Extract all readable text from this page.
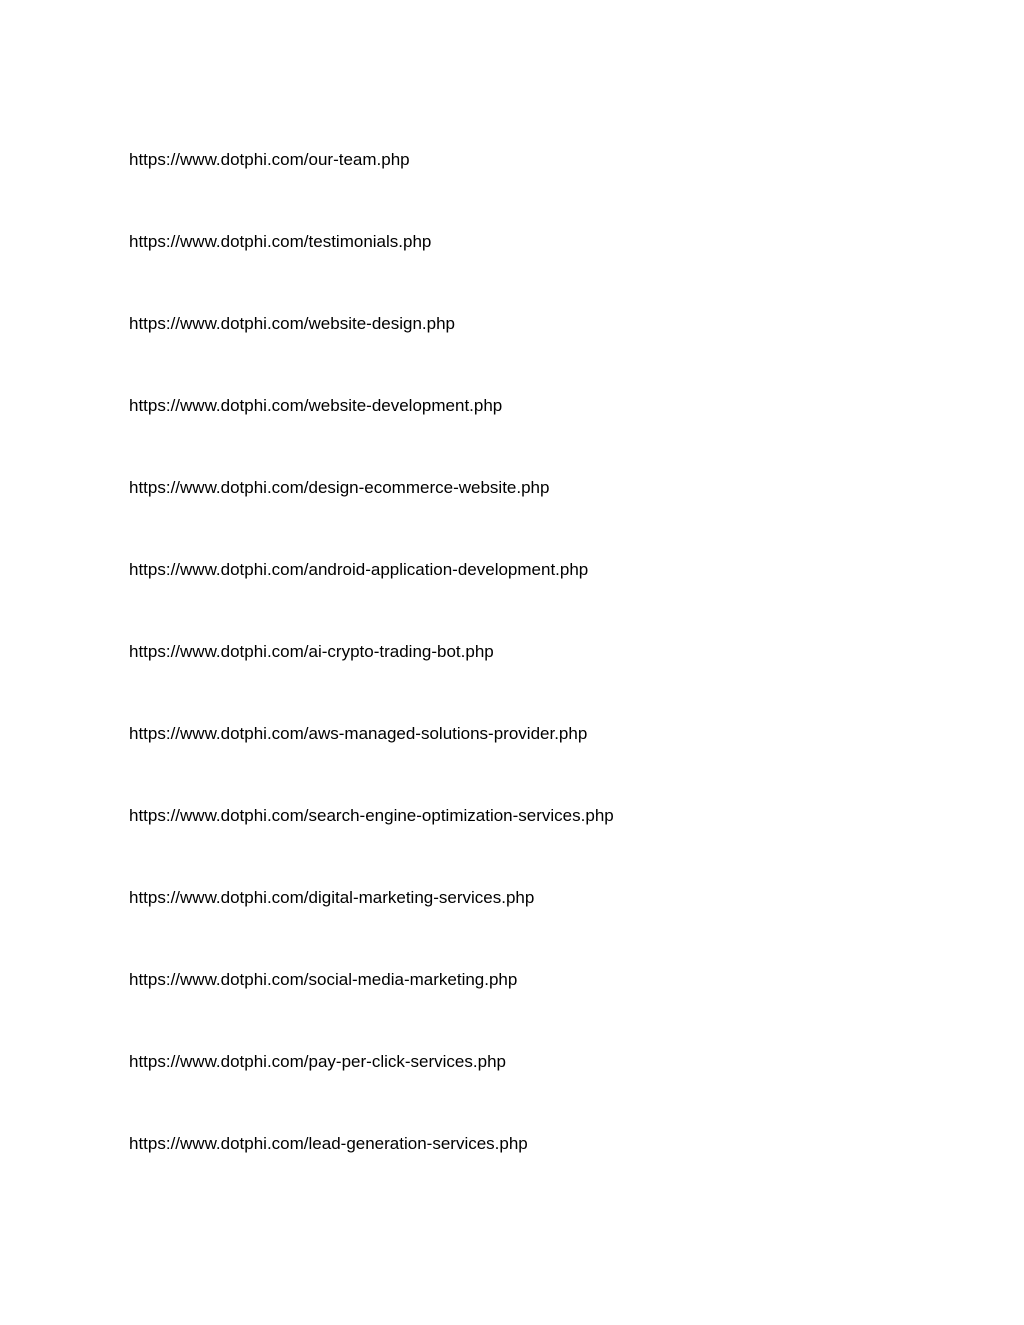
https://www.dotphi.com/our-team.php
https://www.dotphi.com/testimonials.php
https://www.dotphi.com/website-design.php
https://www.dotphi.com/website-development.php
https://www.dotphi.com/design-ecommerce-website.php
https://www.dotphi.com/android-application-development.php
https://www.dotphi.com/ai-crypto-trading-bot.php
https://www.dotphi.com/aws-managed-solutions-provider.php
https://www.dotphi.com/search-engine-optimization-services.php
https://www.dotphi.com/digital-marketing-services.php
https://www.dotphi.com/social-media-marketing.php
https://www.dotphi.com/pay-per-click-services.php
https://www.dotphi.com/lead-generation-services.php
